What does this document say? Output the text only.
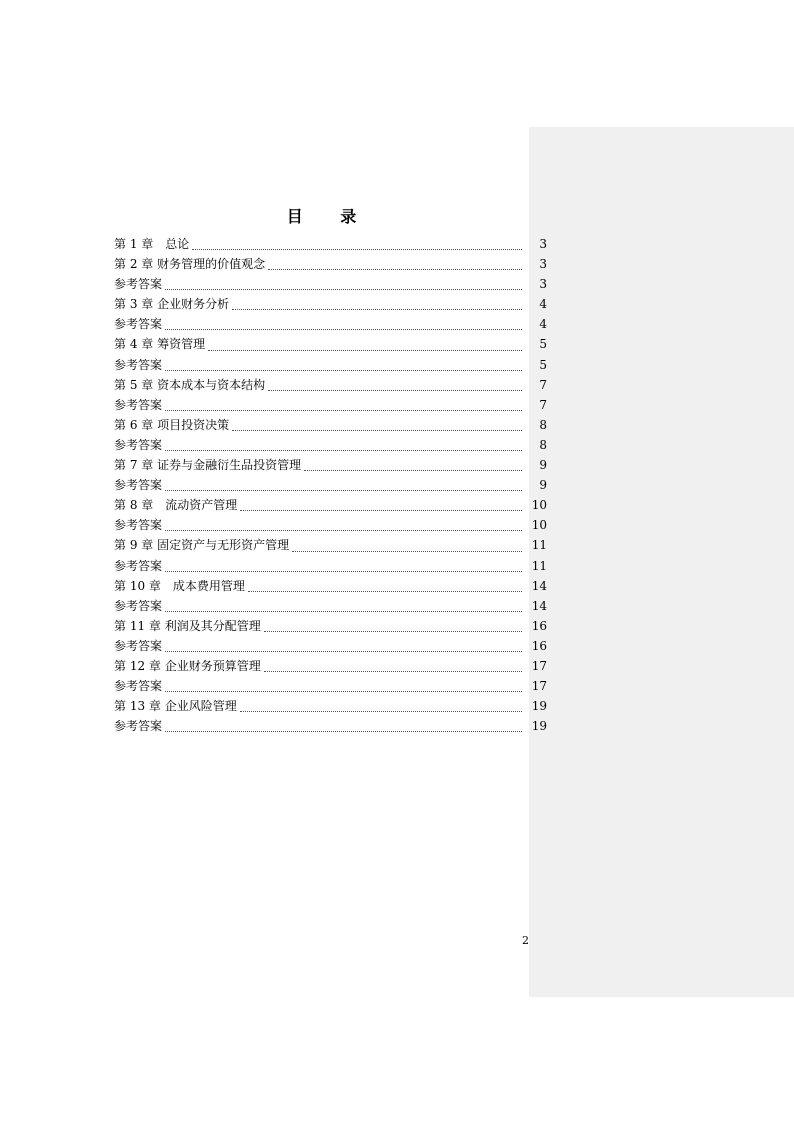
目 录
第 1 章　总论	3
第 2 章 财务管理的价值观念	3
参考答案	3
第 3 章 企业财务分析	4
参考答案	4
第 4 章 筹资管理	5
参考答案	5
第 5 章 资本成本与资本结构	7
参考答案	7
第 6 章 项目投资决策	8
参考答案	8
第 7 章 证券与金融衍生品投资管理	9
参考答案	9
第 8 章　流动资产管理	10
参考答案	10
第 9 章 固定资产与无形资产管理	11
参考答案	11
第 10 章　成本费用管理	14
参考答案	14
第 11 章 利润及其分配管理	16
参考答案	16
第 12 章 企业财务预算管理	17
参考答案	17
第 13 章 企业风险管理	19
参考答案	19

2
